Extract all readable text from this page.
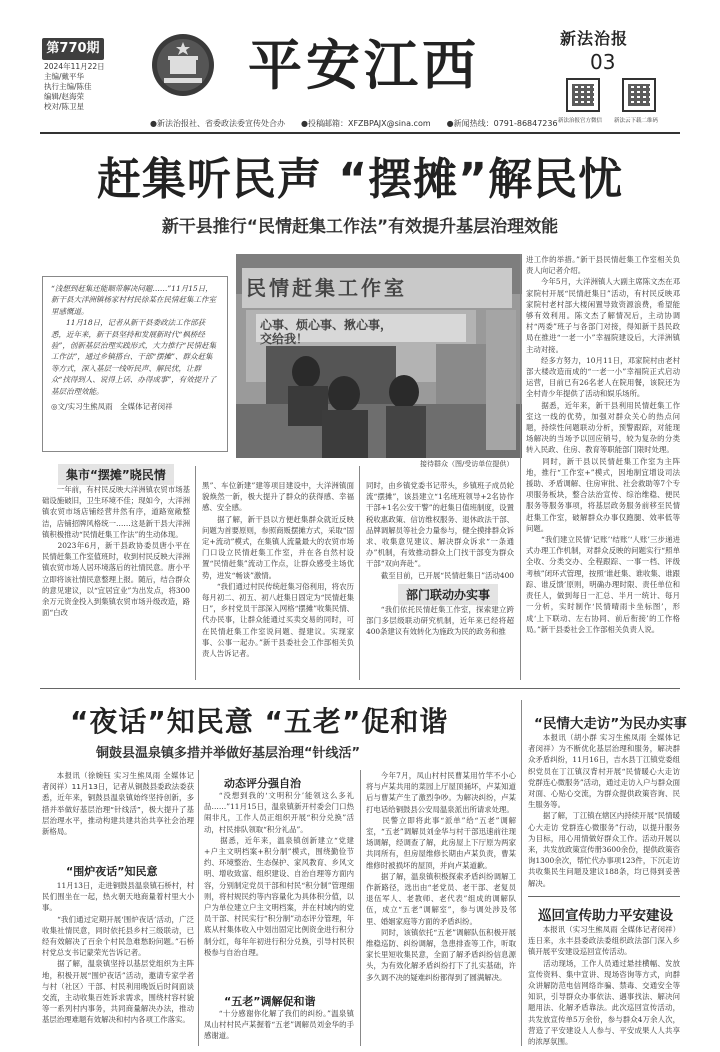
第770期
2024年11月22日
主编/戴平华
执行主编/陈佳
编辑/赵海荣
校对/陈卫星
平安江西	新法治报
03
新法治报官方微信 新法云下载二维码
●新法治报社、省委政法委宣传处合办　　●投稿邮箱：XFZBPAJX@sina.com　　●新闻热线：0791-86847236
赶集听民声 “摆摊”解民忧
新干县推行“民情赶集工作法”有效提升基层治理效能
“浅想到赶集还能顺带解决问题……”11月15日，新干县大洋洲镇杨家村村民徐某在民情赶集工作室里感慨道。
　　11月18日，记者从新干县委政法工作部获悉，近年来，新干县坚持和发展新时代“枫桥经验”，创新基层治理实践形式，大力推行“民情赶集工作法”，通过乡镇搭台、干部“摆摊”、群众赶集等方式，深入基层一线听民声、解民忧，让群众“找得到人、说得上话、办得成事”，有效提升了基层治理效能。
◎文/实习生熊凤雨　全媒体记者闵祥
民情赶集工作室
心事、烦心事、揪心事，
交给我！
接待群众（图/受访单位提供）
集市“摆摊”晓民情
一年前，有村民反映大洋洲镇农贸市场基础设施破旧，卫生环境不佳；现如今，大洋洲镇农贸市场店铺经营井然有序，道路宽敞整洁，店铺招牌风格统一……这是新干县大洋洲镇积极推动“民情赶集工作法”的生动体现。
　　2023年6月，新干县政协委员唐小平在民情赶集工作室值班时，收到村民反映大洋洲镇农贸市场人居环境落后的社情民意。唐小平立即将该社情民意整理上报。随后，结合群众的意见建议，以“宜居宜业”为出发点，将300余万元资金投入到集镇农贸市场升级改造，路面“白改
黑”、车位新建”建等项目建设中，大洋洲镇面貌焕然一新，极大提升了群众的获得感、幸福感、安全感。
　　据了解，新干县以方便赶集群众就近反映问题为首要原则，参照商贩摆摊方式，采取“固定+流动”模式，在集镇人流量最大的农贸市场门口设立民情赶集工作室，并在各自然村设置“民情赶集”流动工作点，让群众感受主场优势，进发“畅谈”激情。
　　“我们通过村民传统赶集习俗利用，将农历每月初二、初五、初八赶集日固定为“民情赶集日”，乡村党员干部深入网格“摆摊”收集民情、代办民事，让群众能通过买卖交易的同时，可在民情赶集工作室说问题、提建议。实现家事、公事一起办。”新干县委社会工作部相关负责人告诉记者。
同时，由乡镇党委书记带头，乡镇班子成员轮流“摆摊”，该县建立“1名班班领导+2名协作干部+1名公安干警”的赶集日值班制度，设置税收惠政策、信访维权服务、退休政法干部、品牌调解员等社会力量参与，健全摸排群众诉求、收集意见建议、解决群众诉求“一条通办”机制，有效推动群众上门找干部变为群众干部“双向奔赴”。
　　截至目前，已开展“民情赶集日”活动400
部门联动办实事
“我们依托民情赶集工作室，探索建立跨部门多层级联动研究机制，近年来已经将超400条建议有效转化为施政为民的政务和推
进工作的举措。”新干县民情赶集工作室相关负责人向记者介绍。
　　今年5月，大洋洲镇人大副主席陈文杰在邓家院村开展“民情赶集日”活动，有村民反映邓家院村老村部大楼闲置导致资源浪费，希望能够有效利用。陈文杰了解情况后，主动协调村“两委”班子与各部门对接，得知新干县民政局在推进“一老一小”幸福院建设后，大洋洲镇主动对接。
　　经多方努力，10月11日，邓家院村由老村部大楼改造而成的“一老一小”幸福院正式启动运营，目前已有26名老人在院用餐，该院还为全村青少年提供了活动和娱乐场所。
　　据悉，近年来，新干县利用民情赶集工作室这一线的优势，加强对群众关心的热点问题，持续性问题联动分析，预警跟踪，对能现场解决的当场予以回应销号，较为复杂的分类转入民政、住房、教育等职能部门限时处理。
　　同时，新干县以民情赶集工作室为主阵地，推行“工作室+”模式，因地制宜增设司法援助、矛盾调解、住房审批、社会救助等7个专项服务板块，整合法治宣传、综治维稳、便民服务等服务事项，将基层政务服务前移至民情赶集工作室，破解群众办事仅跑腿、效率低等问题。
　　“我们建立民情‘记账’‘结账’‘人账’三步递进式办理工作机制，对群众反映的问题实行“照单全收、分类交办、全程跟踪、一事一档、评级考核”闭环式管理，按照‘谁赶集、谁收集、谁跟踪、谁反馈’原则，明确办理时限、责任单位和责任人，做到每日一汇总、半月一统计、每月一分析，实时制作‘民情晴雨卡坐标图’，形成‘上下联动、左右协同、前后衔接’的工作格局。”新干县委社会工作部相关负责人说。
“夜话”知民意 “五老”促和谐
铜鼓县温泉镇多措并举做好基层治理“针线活”
本报讯（徐婉钰 实习生熊凤雨 全媒体记者闵祥）11月13日，记者从铜鼓县委政法委获悉，近年来，铜鼓县温泉镇始终坚持创新，多措并举做好基层治理“针线活”，极大提升了基层治理水平，推动构建共建共治共享社会治理新格局。
“围炉夜话”知民意
11月13日，走进铜鼓县温泉镇石桥村，村民们围坐在一起，热火朝天地商量着村里大小事。
　　“我们通过定期开展‘围炉夜话’活动，广泛收集社情民意，同时依托县乡村三级联动，已经有效解决了百余个村民急难愁盼问题。”石桥村党总支书记蒙荣光告诉记者。
　　据了解，温泉镇坚持以基层党组织为主阵地，积极开展“围炉夜话”活动，邀请专家学者与村（社区）干部、村民利用晚饭后时间面谈交流，主动收集百姓诉求需求，围绕村容村貌等一系列村内事务，共同商量解决办法，推动基层治理难题有效解决和村内各项工作落实。
动态评分强自治
“没想到我的‘文明积分’能领这么多礼品……”11月15日，温泉镇新开村委会门口热闹非凡，工作人员正组织开展“积分兑换”活动，村民排队领取“积分礼品”。
　　据悉，近年来，温泉镇创新建立“党建+户主文明档案+积分制”模式，围绕勤俭节约、环境整治、生态保护、家风教育、乡风文明、增收致富、组织建设、自治自理等方面内容，分别制定党员干部和村民“积分制”管理细则，将村规民约等内容量化为具体积分值，以户为单位建立户主文明档案，并在村域内的党员干部、村民实行“积分制”动态评分管理，年底从村集体收入中划出固定比例资金进行积分制分红，每年年初进行积分兑换，引导村民积极参与自治自理。
“五老”调解促和谐
“十分感谢你化解了我们的纠纷。”温泉镇凤山村村民卢某握着“五老”调解员刘金华的手感谢道。
今年7月，凤山村村民曹某用竹竿不小心将与卢某共用的菜园上厅屋顶捅坏，卢某知道后与曹某产生了激烈争吵。为解决纠纷，卢某打电话给铜鼓县公安局温泉派出所请求处理。
　　民警立即将此事“派单”给“五老”调解室，“五老”调解员刘金华与村干部迅速前往现场调解，经调查了解，此房屋上下厅原为两家共同所有，但房屋维修长期由卢某负责，曹某维修时被损坏的屋顶，并向卢某道歉。
　　据了解，温泉镇积极探索矛盾纠纷调解工作新路径，选出由“老党员、老干部、老复员退伍军人、老教师、老代表”组成的调解队伍，成立“五老”调解室”，参与调处涉及邻里、婚姻家庭等方面的矛盾纠纷。
　　同时，该镇依托“五老”调解队伍积极开展维稳巡防、纠纷调解，急患排查等工作，听取家长里短收集民意，全面了解矛盾纠纷信息源头，为有效化解矛盾纠纷打下了扎实基础，许多久调不决的疑难纠纷都得到了圆满解决。
“民情大走访”为民办实事
本报讯（胡小群 实习生熊凤雨 全媒体记者闵祥）为不断优化基层治理和服务，解决群众矛盾纠纷，11月16日，吉水县丁江镇党委组织党员在丁江镇汉背村开展“民情暖心大走访 党群连心微服务”活动，通过走访入户与群众面对面、心贴心交流，为群众提供政策咨询、民生服务等。
　　据了解，丁江镇在辖区内持续开展“民情暖心大走访 党群连心微服务”行动，以提升服务为目标，用心用情做好群众工作。活动开展以来，共发放政策宣传册3600余份，提供政策咨询1300余次，帮忙代办事项123件，下沉走访共收集民生问题及建议188条，均已得到妥善解决。
巡回宣传助力平安建设
本报讯（实习生熊凤雨 全媒体记者闵祥）连日来，永丰县委政法委组织政法部门深入乡镇开展平安建设巡回宣传活动。
　　活动现场，工作人员通过悬挂横幅、发放宣传资料、集中宣讲、现场咨询等方式，向群众讲解防范电信网络诈骗、禁毒、交通安全等知识，引导群众办事依法、遇事找法、解决问题用法、化解矛盾靠法。此次巡回宣传活动，共发放宣传单5万余份，参与群众4万余人次，营造了平安建设人人参与、平安成果人人共享的浓厚氛围。
